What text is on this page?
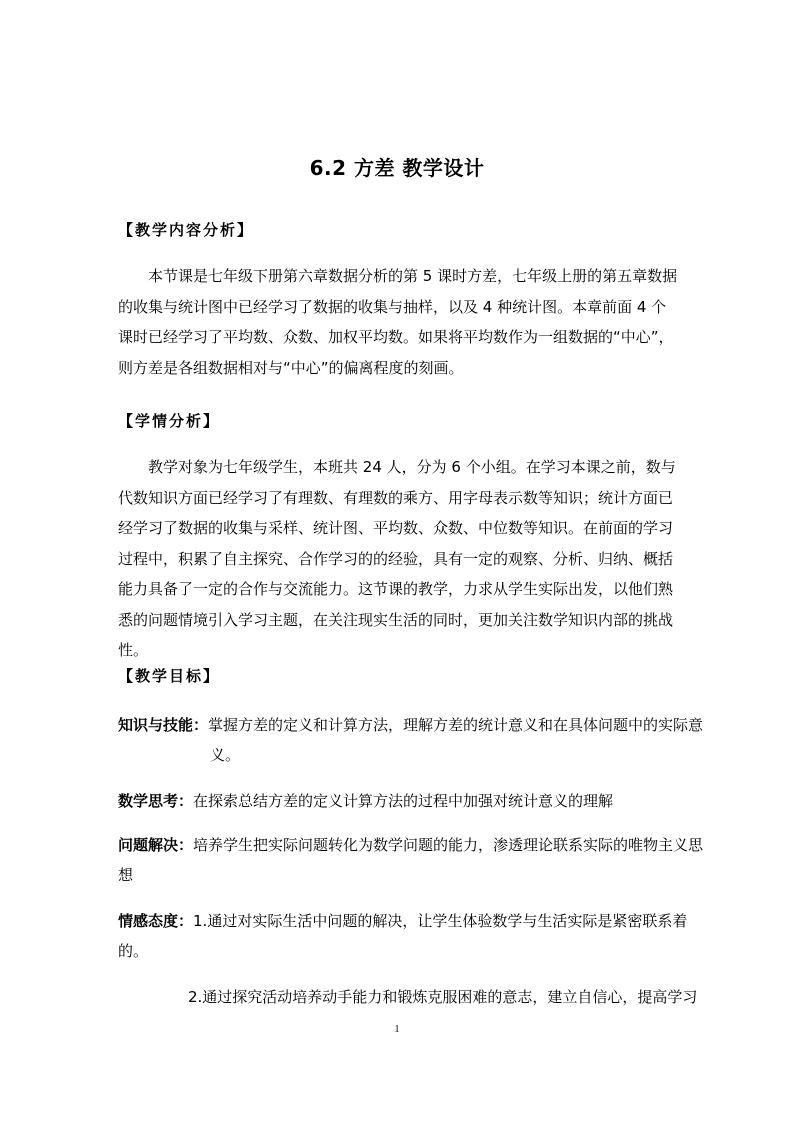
6.2 方差 教学设计
【教学内容分析】
本节课是七年级下册第六章数据分析的第 5 课时方差，七年级上册的第五章数据的收集与统计图中已经学习了数据的收集与抽样，以及 4 种统计图。本章前面 4 个课时已经学习了平均数、众数、加权平均数。如果将平均数作为一组数据的“中心”，则方差是各组数据相对与“中心”的偏离程度的刻画。
【学情分析】
教学对象为七年级学生，本班共 24 人，分为 6 个小组。在学习本课之前，数与代数知识方面已经学习了有理数、有理数的乘方、用字母表示数等知识；统计方面已经学习了数据的收集与采样、统计图、平均数、众数、中位数等知识。在前面的学习过程中，积累了自主探究、合作学习的的经验，具有一定的观察、分析、归纳、概括能力具备了一定的合作与交流能力。这节课的教学，力求从学生实际出发，以他们熟悉的问题情境引入学习主题，在关注现实生活的同时，更加关注数学知识内部的挑战性。
【教学目标】
知识与技能：掌握方差的定义和计算方法，理解方差的统计意义和在具体问题中的实际意
义。
数学思考：在探索总结方差的定义计算方法的过程中加强对统计意义的理解
问题解决：培养学生把实际问题转化为数学问题的能力，渗透理论联系实际的唯物主义思
想
情感态度：1.通过对实际生活中问题的解决，让学生体验数学与生活实际是紧密联系着
的。
2.通过探究活动培养动手能力和锻炼克服困难的意志，建立自信心，提高学习
1
